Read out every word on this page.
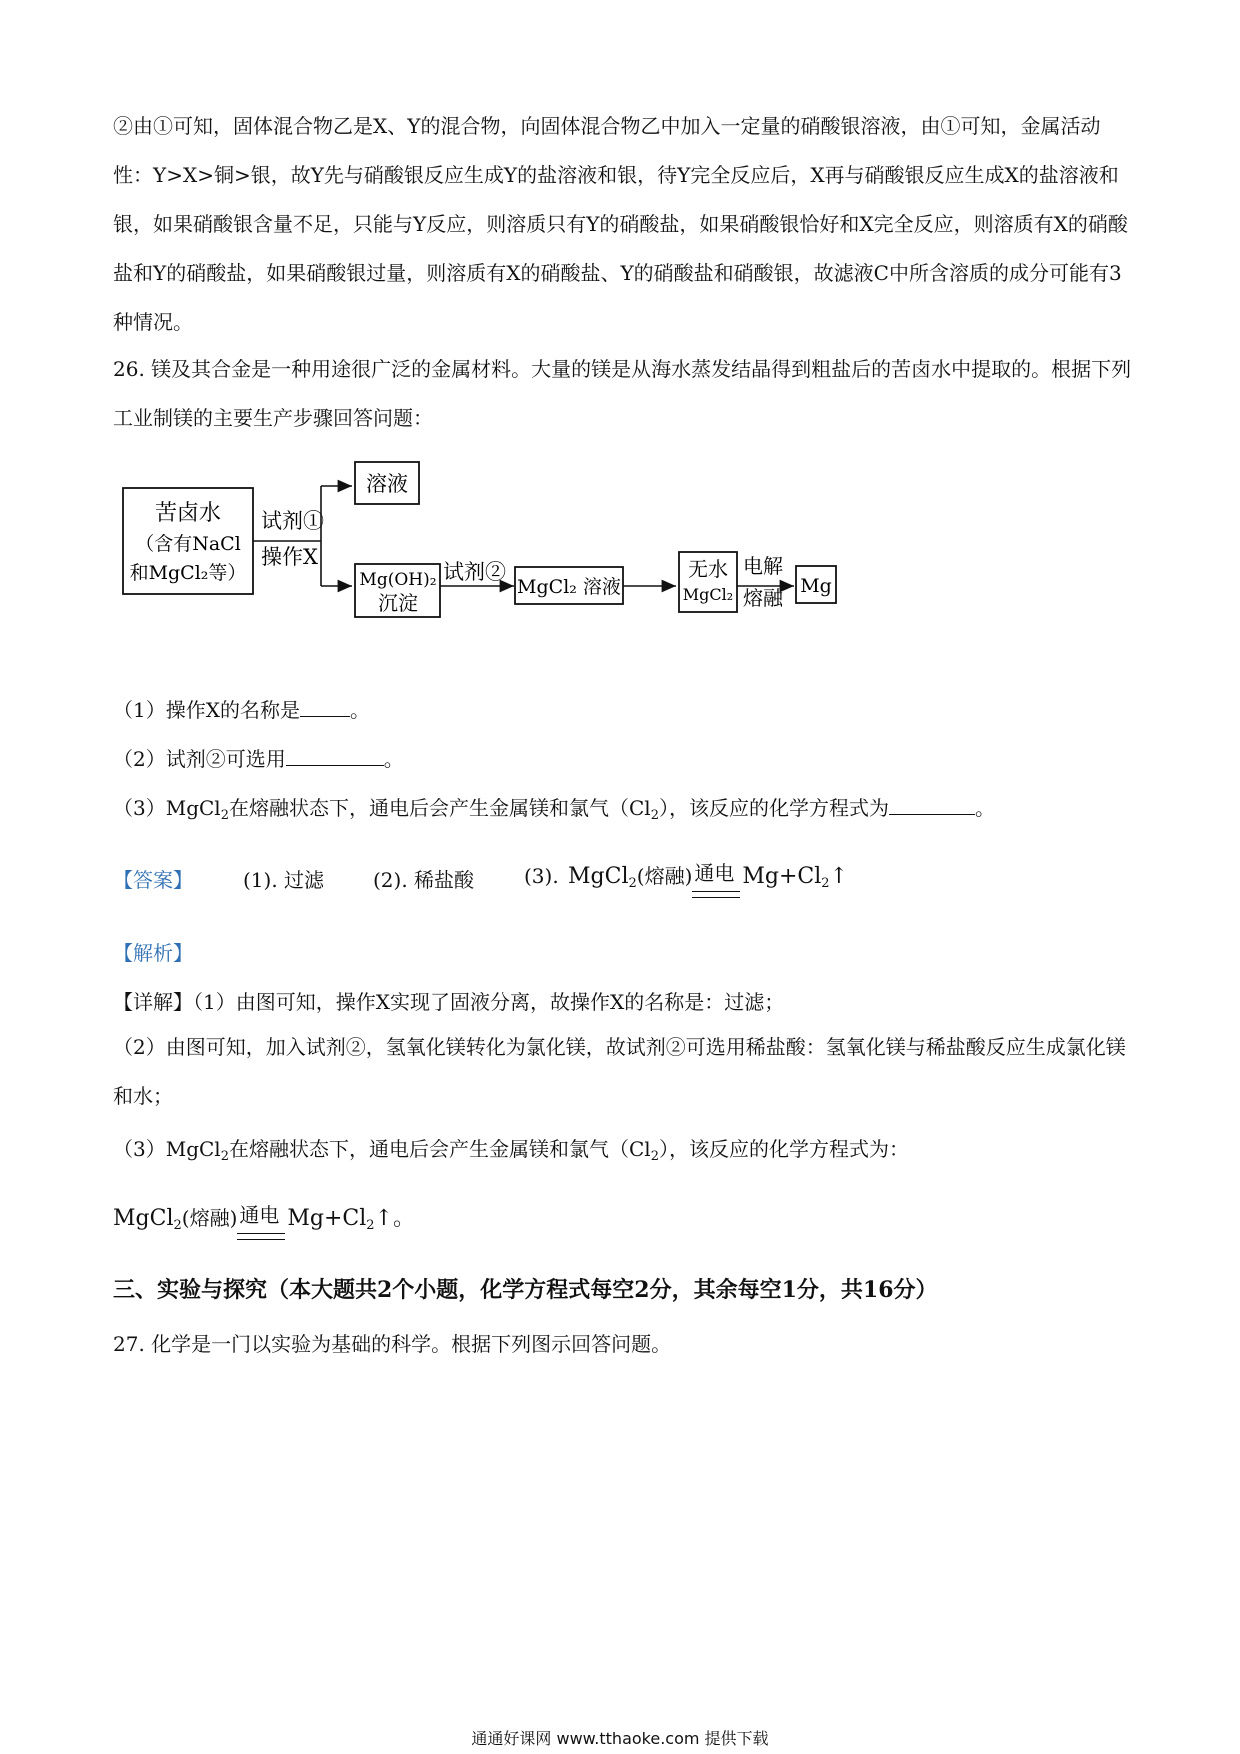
②由①可知，固体混合物乙是X、Y的混合物，向固体混合物乙中加入一定量的硝酸银溶液，由①可知，金属活动性：Y>X>铜>银，故Y先与硝酸银反应生成Y的盐溶液和银，待Y完全反应后，X再与硝酸银反应生成X的盐溶液和银，如果硝酸银含量不足，只能与Y反应，则溶质只有Y的硝酸盐，如果硝酸银恰好和X完全反应，则溶质有X的硝酸盐和Y的硝酸盐，如果硝酸银过量，则溶质有X的硝酸盐、Y的硝酸盐和硝酸银，故滤液C中所含溶质的成分可能有3种情况。

26. 镁及其合金是一种用途很广泛的金属材料。大量的镁是从海水蒸发结晶得到粗盐后的苦卤水中提取的。根据下列工业制镁的主要生产步骤回答问题：

苦卤水
（含有NaCl
和MgCl₂等）
试剂①
操作X
溶液
Mg(OH)₂
沉淀
试剂②
MgCl₂ 溶液
无水
MgCl₂
电解
熔融 Mg
（1）操作X的名称是	。
（2）试剂②可选用	。
（3）MgCl$_2$在熔融状态下，通电后会产生金属镁和氯气$(Cl_2)$，该反应的化学方程式为	。
【答案】	(1). 过滤 (2). 稀盐酸 (3). MgCl$_2$(熔融) 通电 $Mg+Cl_2↑$
【解析】
【详解】（1）由图可知，操作X实现了固液分离，故操作X的名称是：过滤；

（2）由图可知，加入试剂②，氢氧化镁转化为氯化镁，故试剂②可选用稀盐酸：氢氧化镁与稀盐酸反应生成氯化镁和水；

（3）MgCl$_2$在熔融状态下，通电后会产生金属镁和氯气$(Cl_2)$，该反应的化学方程式为：
MgCl$_2$(熔融) 通电 $Mg+Cl_2↑$。
三、实验与探究（本大题共2个小题，化学方程式每空2分，其余每空1分，共16分）
27. 化学是一门以实验为基础的科学。根据下列图示回答问题。
通通好课网 www.tthaoke.com 提供下载
